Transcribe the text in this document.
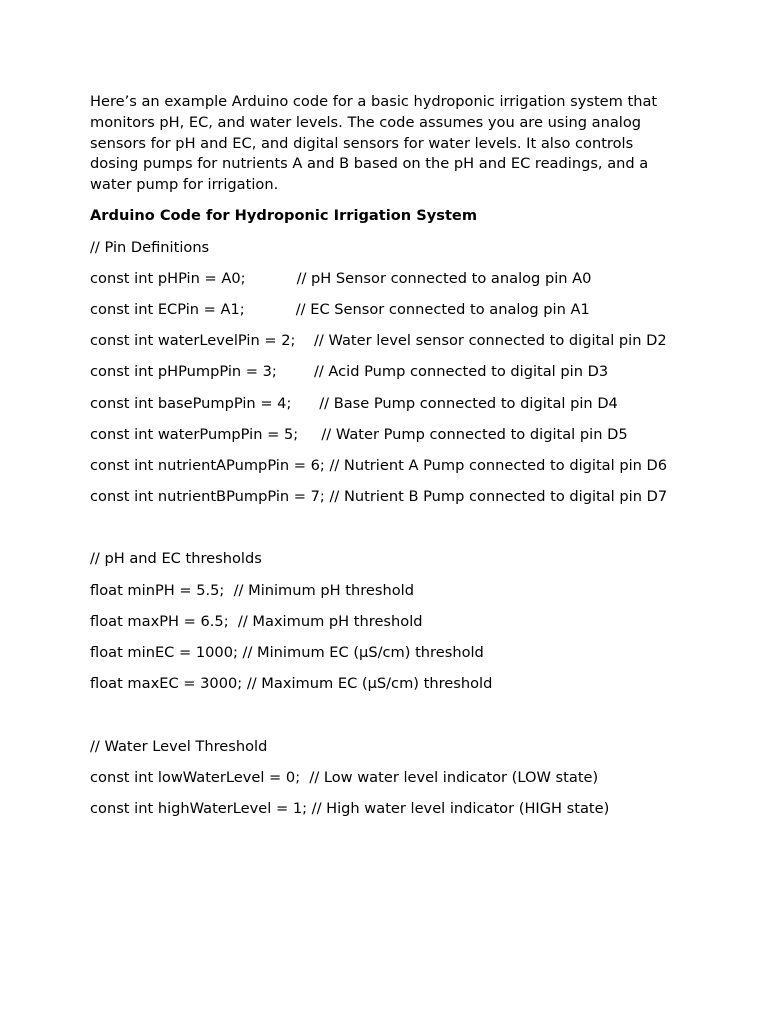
Here’s an example Arduino code for a basic hydroponic irrigation system that monitors pH, EC, and water levels. The code assumes you are using analog sensors for pH and EC, and digital sensors for water levels. It also controls dosing pumps for nutrients A and B based on the pH and EC readings, and a water pump for irrigation.

Arduino Code for Hydroponic Irrigation System

// Pin Definitions

const int pHPin = A0;           // pH Sensor connected to analog pin A0

const int ECPin = A1;           // EC Sensor connected to analog pin A1

const int waterLevelPin = 2;    // Water level sensor connected to digital pin D2

const int pHPumpPin = 3;        // Acid Pump connected to digital pin D3

const int basePumpPin = 4;      // Base Pump connected to digital pin D4

const int waterPumpPin = 5;     // Water Pump connected to digital pin D5

const int nutrientAPumpPin = 6; // Nutrient A Pump connected to digital pin D6

const int nutrientBPumpPin = 7; // Nutrient B Pump connected to digital pin D7

// pH and EC thresholds

float minPH = 5.5;  // Minimum pH threshold

float maxPH = 6.5;  // Maximum pH threshold

float minEC = 1000; // Minimum EC (µS/cm) threshold

float maxEC = 3000; // Maximum EC (µS/cm) threshold

// Water Level Threshold

const int lowWaterLevel = 0;  // Low water level indicator (LOW state)

const int highWaterLevel = 1; // High water level indicator (HIGH state)
